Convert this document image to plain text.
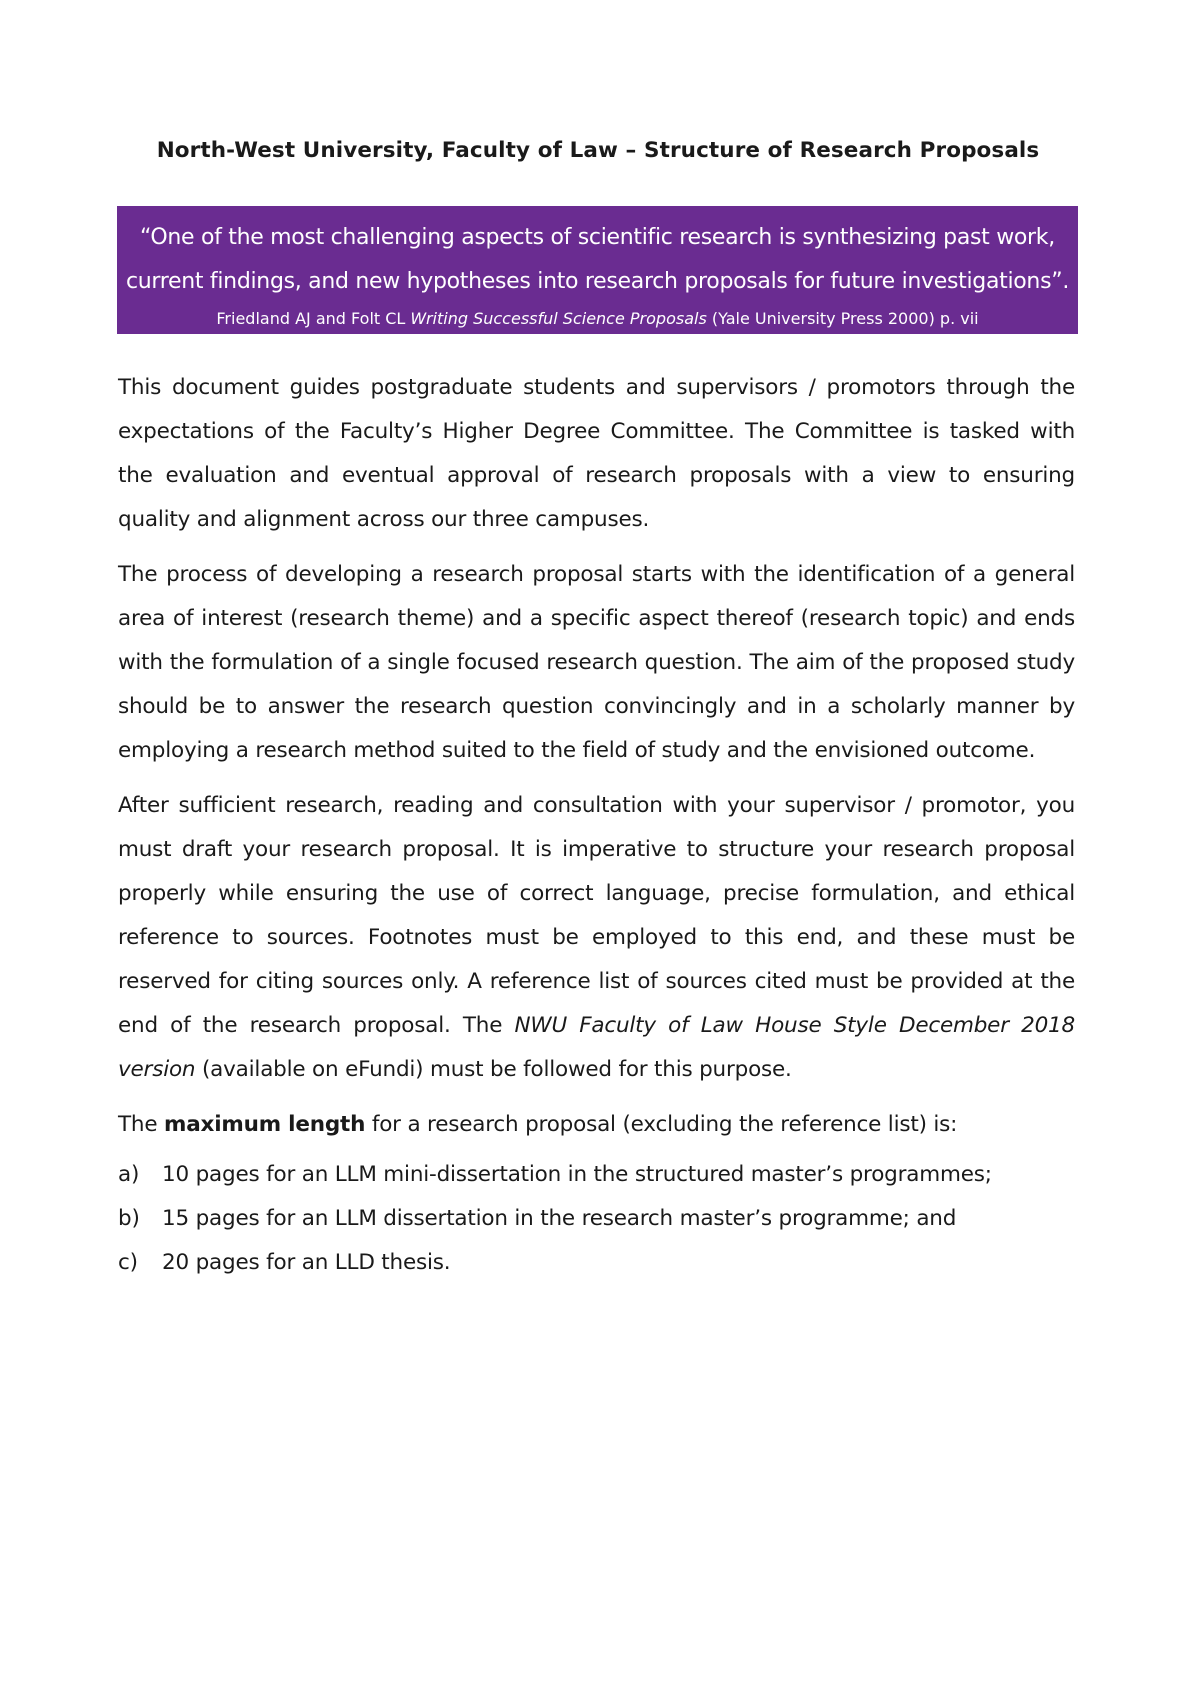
North-West University, Faculty of Law – Structure of Research Proposals
“One of the most challenging aspects of scientific research is synthesizing past work, current findings, and new hypotheses into research proposals for future investigations”.
Friedland AJ and Folt CL Writing Successful Science Proposals (Yale University Press 2000) p. vii

This document guides postgraduate students and supervisors / promotors through the expectations of the Faculty’s Higher Degree Committee. The Committee is tasked with the evaluation and eventual approval of research proposals with a view to ensuring quality and alignment across our three campuses.

The process of developing a research proposal starts with the identification of a general area of interest (research theme) and a specific aspect thereof (research topic) and ends with the formulation of a single focused research question. The aim of the proposed study should be to answer the research question convincingly and in a scholarly manner by employing a research method suited to the field of study and the envisioned outcome.

After sufficient research, reading and consultation with your supervisor / promotor, you must draft your research proposal. It is imperative to structure your research proposal properly while ensuring the use of correct language, precise formulation, and ethical reference to sources. Footnotes must be employed to this end, and these must be reserved for citing sources only. A reference list of sources cited must be provided at the end of the research proposal. The NWU Faculty of Law House Style December 2018 version (available on eFundi) must be followed for this purpose.

The maximum length for a research proposal (excluding the reference list) is:

a)	10 pages for an LLM mini-dissertation in the structured master’s programmes;
b)	15 pages for an LLM dissertation in the research master’s programme; and
c)	20 pages for an LLD thesis.
